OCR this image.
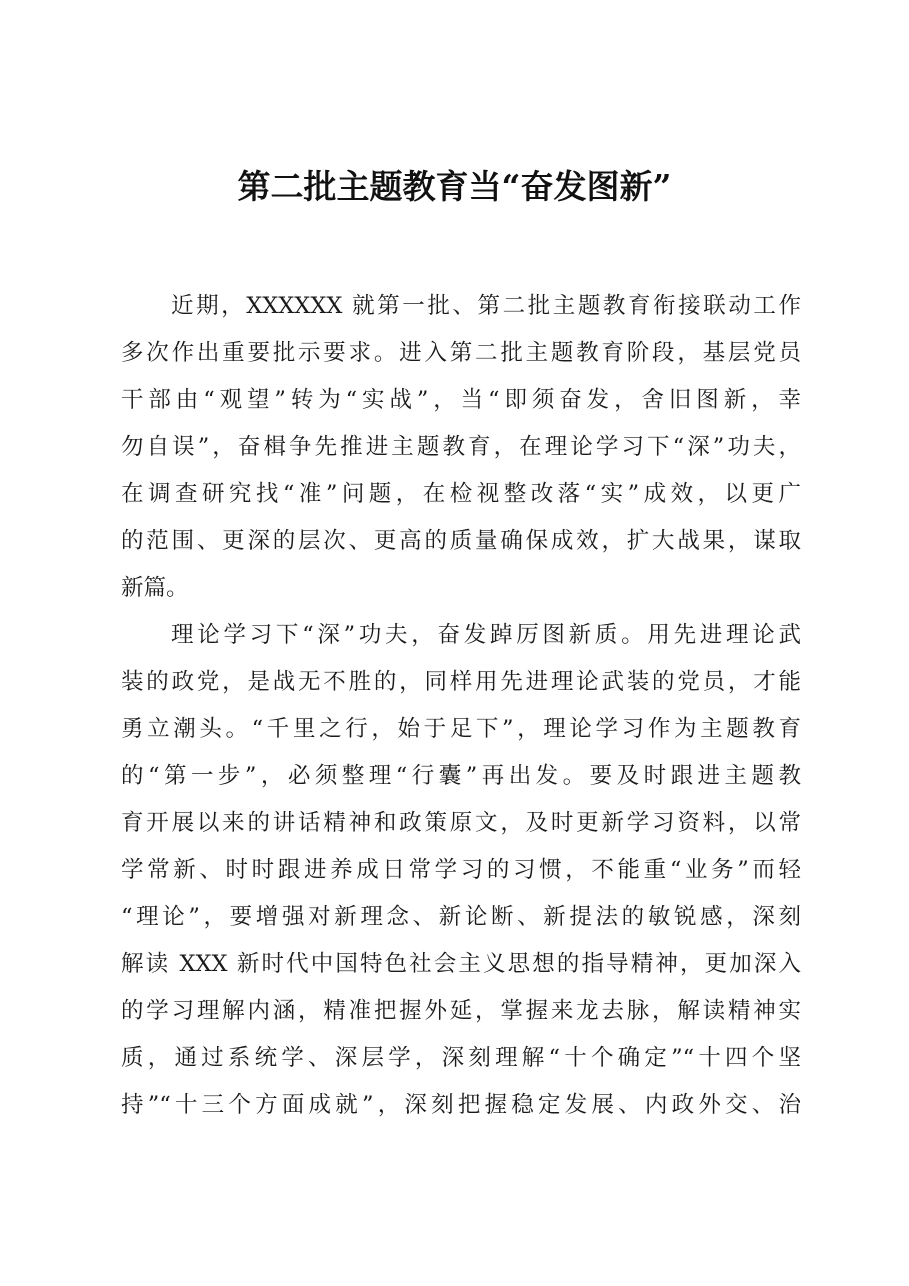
第二批主题教育当“奋发图新”
近期，XXXXXX 就第一批、第二批主题教育衔接联动工作
多次作出重要批示要求。进入第二批主题教育阶段，基层党员
干部由“观望”转为“实战”，当“即须奋发，舍旧图新，幸
勿自误”，奋楫争先推进主题教育，在理论学习下“深”功夫，
在调查研究找“准”问题，在检视整改落“实”成效，以更广
的范围、更深的层次、更高的质量确保成效，扩大战果，谋取
新篇。
理论学习下“深”功夫，奋发踔厉图新质。用先进理论武
装的政党，是战无不胜的，同样用先进理论武装的党员，才能
勇立潮头。“千里之行，始于足下”，理论学习作为主题教育
的“第一步”，必须整理“行囊”再出发。要及时跟进主题教
育开展以来的讲话精神和政策原文，及时更新学习资料，以常
学常新、时时跟进养成日常学习的习惯，不能重“业务”而轻
“理论”，要增强对新理念、新论断、新提法的敏锐感，深刻
解读 XXX 新时代中国特色社会主义思想的指导精神，更加深入
的学习理解内涵，精准把握外延，掌握来龙去脉，解读精神实
质，通过系统学、深层学，深刻理解“十个确定”“十四个坚
持”“十三个方面成就”，深刻把握稳定发展、内政外交、治
